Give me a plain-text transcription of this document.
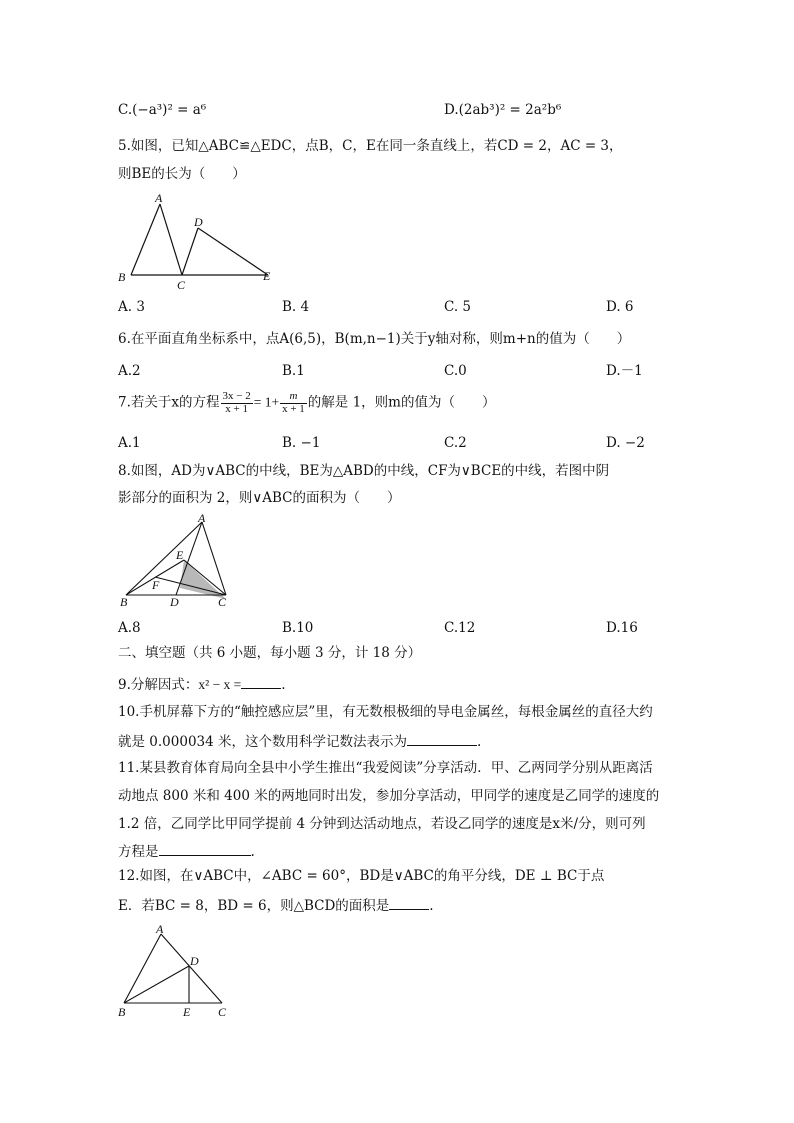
C.(−a³)² = a⁶	D.(2ab³)² = 2a²b⁶
5.如图，已知△ABC≌△EDC，点B，C，E在同一条直线上，若CD = 2，AC = 3，
则BE的长为（　　）
A
B
C
D
E
A. 3	B. 4	C. 5	D. 6
6.在平面直角坐标系中，点A(6,5)，B(m,n−1)关于y轴对称，则m+n的值为（　　）
A.2	B.1	C.0	D.－1
7.若关于x的方程 $\frac{3x - 2}{x + 1} = 1+ \frac{m}{x + 1}$ 的解是 1，则m的值为（　　）
A.1	B. −1	C.2	D. −2
8.如图，AD为∨ABC的中线，BE为△ABD的中线，CF为∨BCE的中线，若图中阴
影部分的面积为 2，则∨ABC的面积为（　　）
A
E
F
B	D	C
A.8	B.10	C.12	D.16
二、填空题（共 6 小题，每小题 3 分，计 18 分）
9.分解因式：x² − x =	.
10.手机屏幕下方的“触控感应层”里，有无数根极细的导电金属丝，每根金属丝的直径大约
就是 0.000034 米，这个数用科学记数法表示为	.
11.某县教育体育局向全县中小学生推出“我爱阅读”分享活动．甲、乙两同学分别从距离活
动地点 800 米和 400 米的两地同时出发，参加分享活动，甲同学的速度是乙同学的速度的
1.2 倍，乙同学比甲同学提前 4 分钟到达活动地点，若设乙同学的速度是x米/分，则可列
方程是	.
12.如图，在∨ABC中，∠ABC = 60°，BD是∨ABC的角平分线，DE ⊥ BC于点
E．若BC = 8，BD = 6，则△BCD的面积是	.
A
D
B	E C
